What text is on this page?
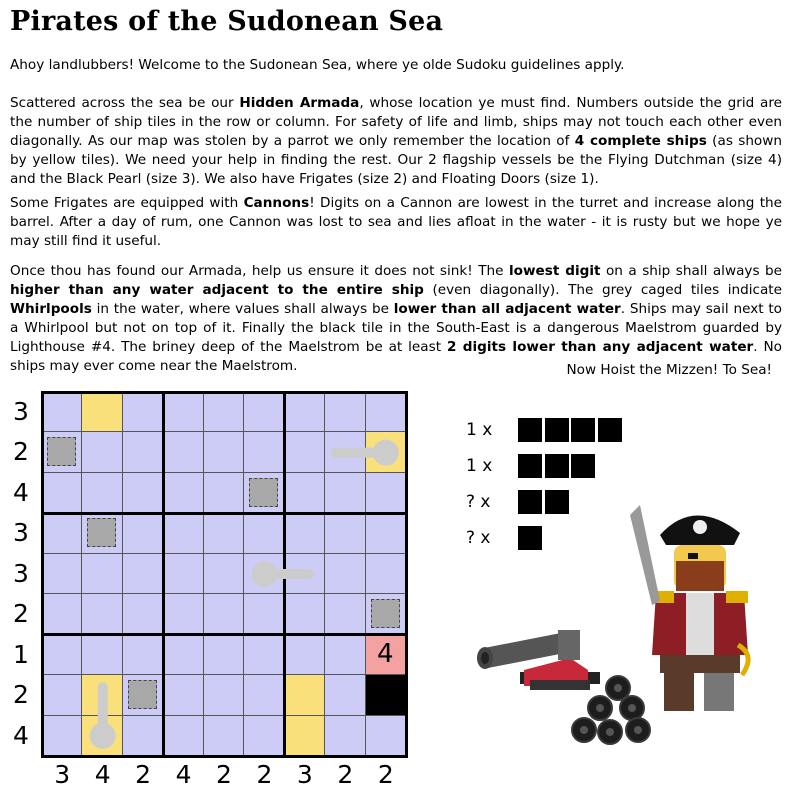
Pirates of the Sudonean Sea

Ahoy landlubbers! Welcome to the Sudonean Sea, where ye olde Sudoku guidelines apply.

Scattered across the sea be our Hidden Armada, whose location ye must find. Numbers outside the grid are the number of ship tiles in the row or column. For safety of life and limb, ships may not touch each other even diagonally. As our map was stolen by a parrot we only remember the location of 4 complete ships (as shown by yellow tiles). We need your help in finding the rest. Our 2 flagship vessels be the Flying Dutchman (size 4) and the Black Pearl (size 3). We also have Frigates (size 2) and Floating Doors (size 1).

Some Frigates are equipped with Cannons! Digits on a Cannon are lowest in the turret and increase along the barrel. After a day of rum, one Cannon was lost to sea and lies afloat in the water - it is rusty but we hope ye may still find it useful.

Once thou has found our Armada, help us ensure it does not sink! The lowest digit on a ship shall always be higher than any water adjacent to the entire ship (even diagonally). The grey caged tiles indicate Whirlpools in the water, where values shall always be lower than all adjacent water. Ships may sail next to a Whirlpool but not on top of it. Finally the black tile in the South-East is a dangerous Maelstrom guarded by Lighthouse #4. The briney deep of the Maelstrom be at least 2 digits lower than any adjacent water. No ships may ever come near the Maelstrom.	Now Hoist the Mizzen! To Sea!
3
2
4
3
3
2
1
2
4
3 4 2 4 2 2 3 2 2
4
1 x
1 x
? x
? x
